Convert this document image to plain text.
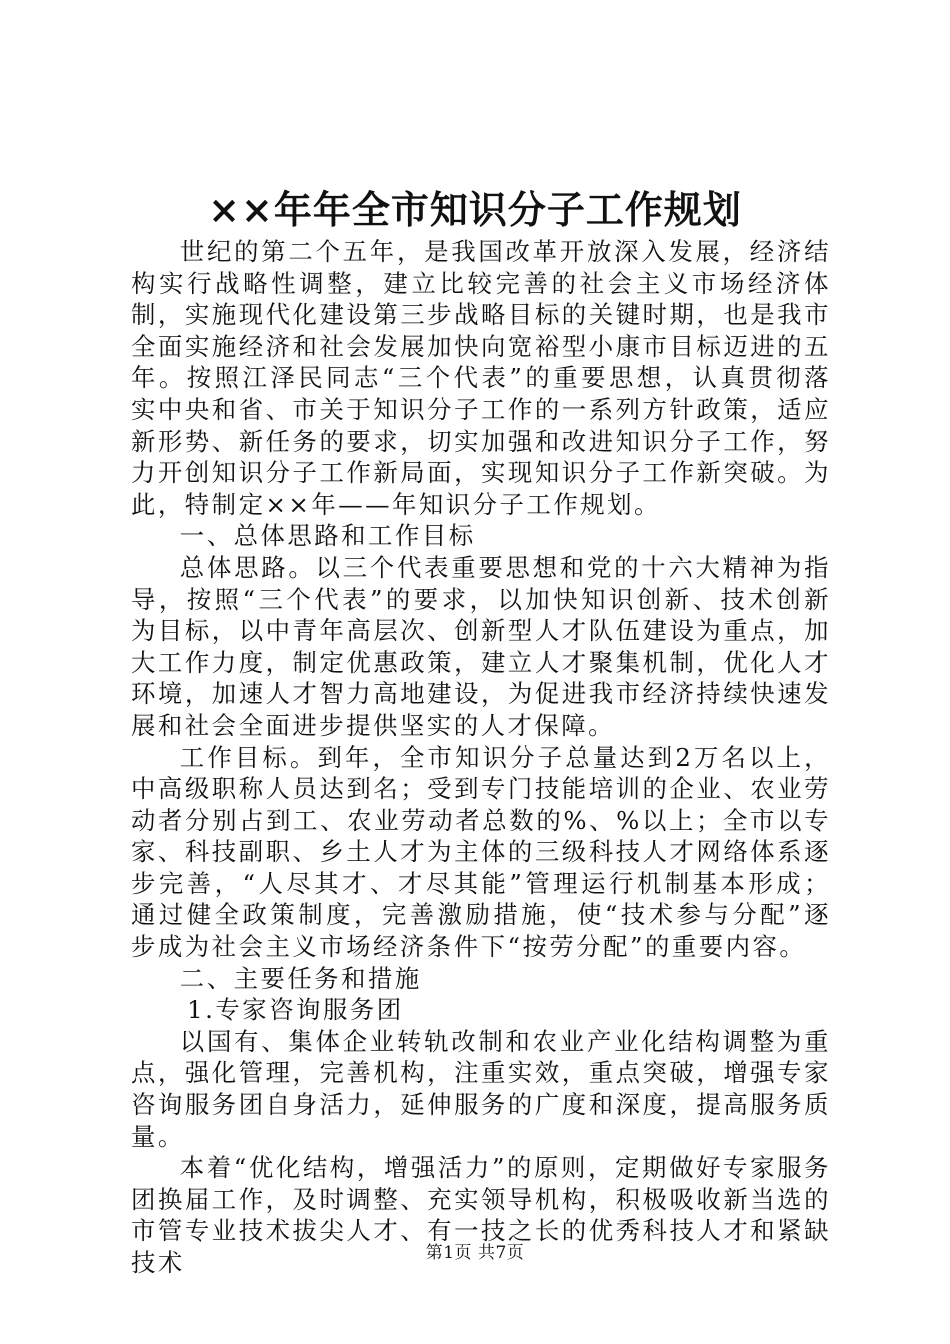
××年年全市知识分子工作规划

世纪的第二个五年，是我国改革开放深入发展，经济结构实行战略性调整，建立比较完善的社会主义市场经济体制，实施现代化建设第三步战略目标的关键时期，也是我市全面实施经济和社会发展加快向宽裕型小康市目标迈进的五年。按照江泽民同志“三个代表”的重要思想，认真贯彻落实中央和省、市关于知识分子工作的一系列方针政策，适应新形势、新任务的要求，切实加强和改进知识分子工作，努力开创知识分子工作新局面，实现知识分子工作新突破。为此，特制定××年——年知识分子工作规划。

一、总体思路和工作目标

总体思路。以三个代表重要思想和党的十六大精神为指导，按照“三个代表”的要求，以加快知识创新、技术创新为目标，以中青年高层次、创新型人才队伍建设为重点，加大工作力度，制定优惠政策，建立人才聚集机制，优化人才环境，加速人才智力高地建设，为促进我市经济持续快速发展和社会全面进步提供坚实的人才保障。

工作目标。到年，全市知识分子总量达到2万名以上，中高级职称人员达到名；受到专门技能培训的企业、农业劳动者分别占到工、农业劳动者总数的%、%以上；全市以专家、科技副职、乡土人才为主体的三级科技人才网络体系逐步完善，“人尽其才、才尽其能”管理运行机制基本形成；通过健全政策制度，完善激励措施，使“技术参与分配”逐步成为社会主义市场经济条件下“按劳分配”的重要内容。

二、主要任务和措施

1.专家咨询服务团

以国有、集体企业转轨改制和农业产业化结构调整为重点，强化管理，完善机构，注重实效，重点突破，增强专家咨询服务团自身活力，延伸服务的广度和深度，提高服务质量。

本着“优化结构，增强活力”的原则，定期做好专家服务团换届工作，及时调整、充实领导机构，积极吸收新当选的市管专业技术拔尖人才、有一技之长的优秀科技人才和紧缺技术	第1页 共7页
